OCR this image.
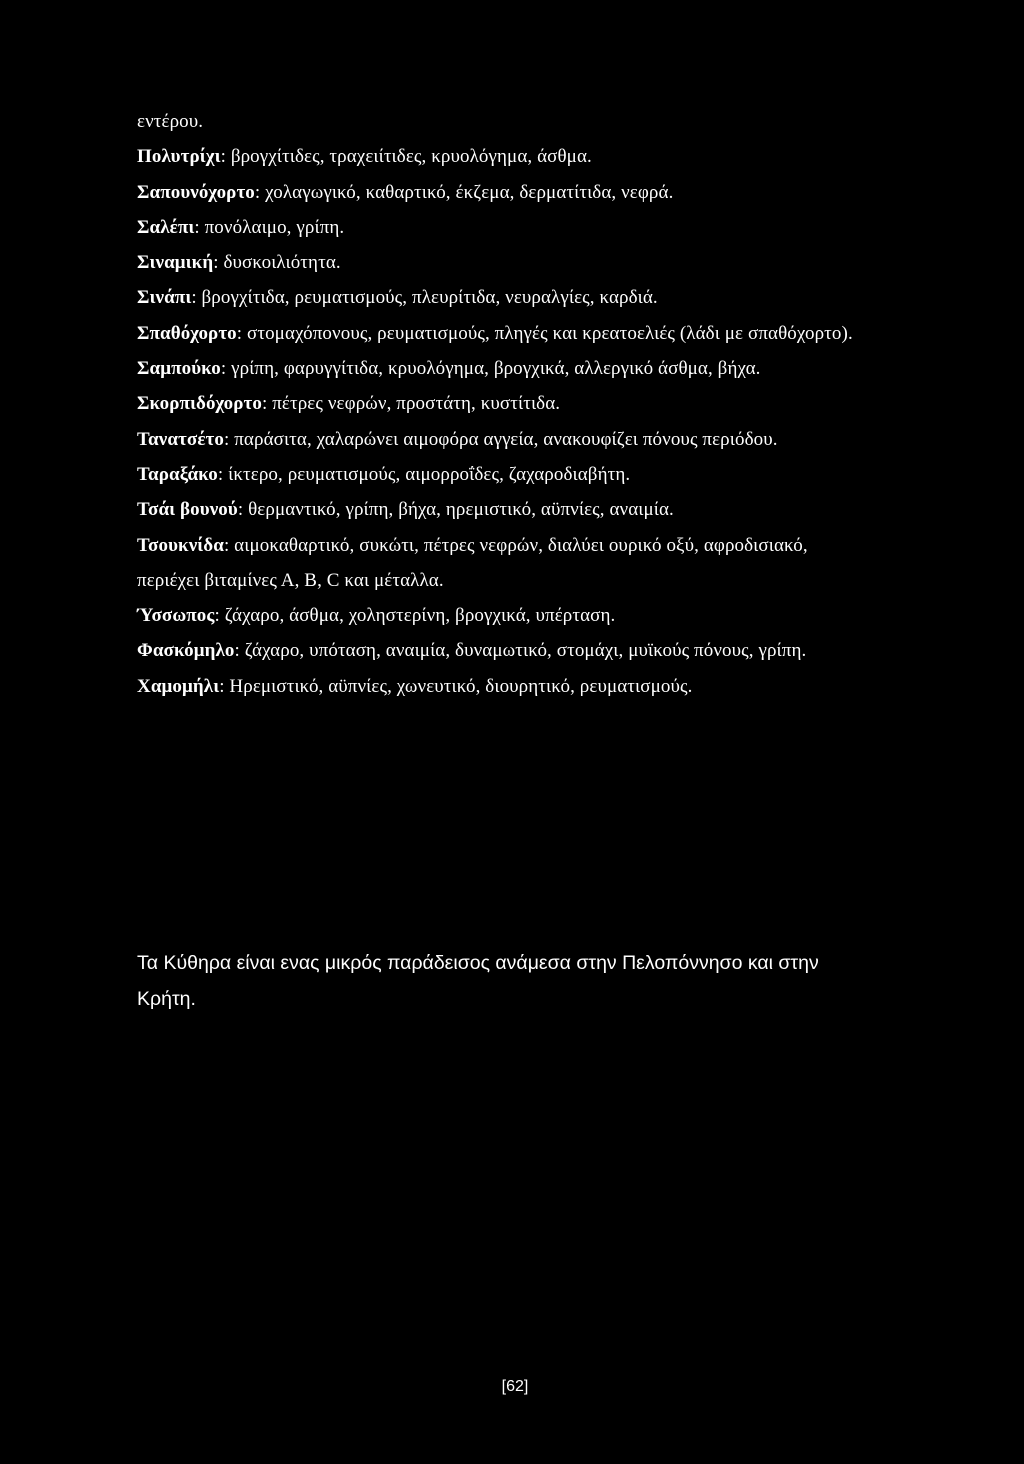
εντέρου.

Πολυτρίχι: βρογχίτιδες, τραχειίτιδες, κρυολόγημα, άσθμα.

Σαπουνόχορτο: χολαγωγικό, καθαρτικό, έκζεμα, δερματίτιδα, νεφρά.

Σαλέπι: πονόλαιμο, γρίπη.

Σιναμική: δυσκοιλιότητα.

Σινάπι: βρογχίτιδα, ρευματισμούς, πλευρίτιδα, νευραλγίες, καρδιά.

Σπαθόχορτο: στομαχόπονους, ρευματισμούς, πληγές και κρεατοελιές (λάδι με σπαθόχορτο).

Σαμπούκο: γρίπη, φαρυγγίτιδα, κρυολόγημα, βρογχικά, αλλεργικό άσθμα, βήχα.

Σκορπιδόχορτο: πέτρες νεφρών, προστάτη, κυστίτιδα.

Τανατσέτο: παράσιτα, χαλαρώνει αιμοφόρα αγγεία, ανακουφίζει πόνους περιόδου.

Ταραξάκο: ίκτερο, ρευματισμούς, αιμορροΐδες, ζαχαροδιαβήτη.

Τσάι βουνού: θερμαντικό, γρίπη, βήχα, ηρεμιστικό, αϋπνίες, αναιμία.

Τσουκνίδα: αιμοκαθαρτικό, συκώτι, πέτρες νεφρών, διαλύει ουρικό οξύ, αφροδισιακό, περιέχει βιταμίνες Α, Β, C και μέταλλα.

Ύσσωπος: ζάχαρο, άσθμα, χοληστερίνη, βρογχικά, υπέρταση.

Φασκόμηλο: ζάχαρο, υπόταση, αναιμία, δυναμωτικό, στομάχι, μυϊκούς πόνους, γρίπη.

Χαμομήλι: Ηρεμιστικό, αϋπνίες, χωνευτικό, διουρητικό, ρευματισμούς.

Τα Κύθηρα είναι ενας μικρός παράδεισος ανάμεσα στην Πελοπόννησο και στην Κρήτη.

[62]
